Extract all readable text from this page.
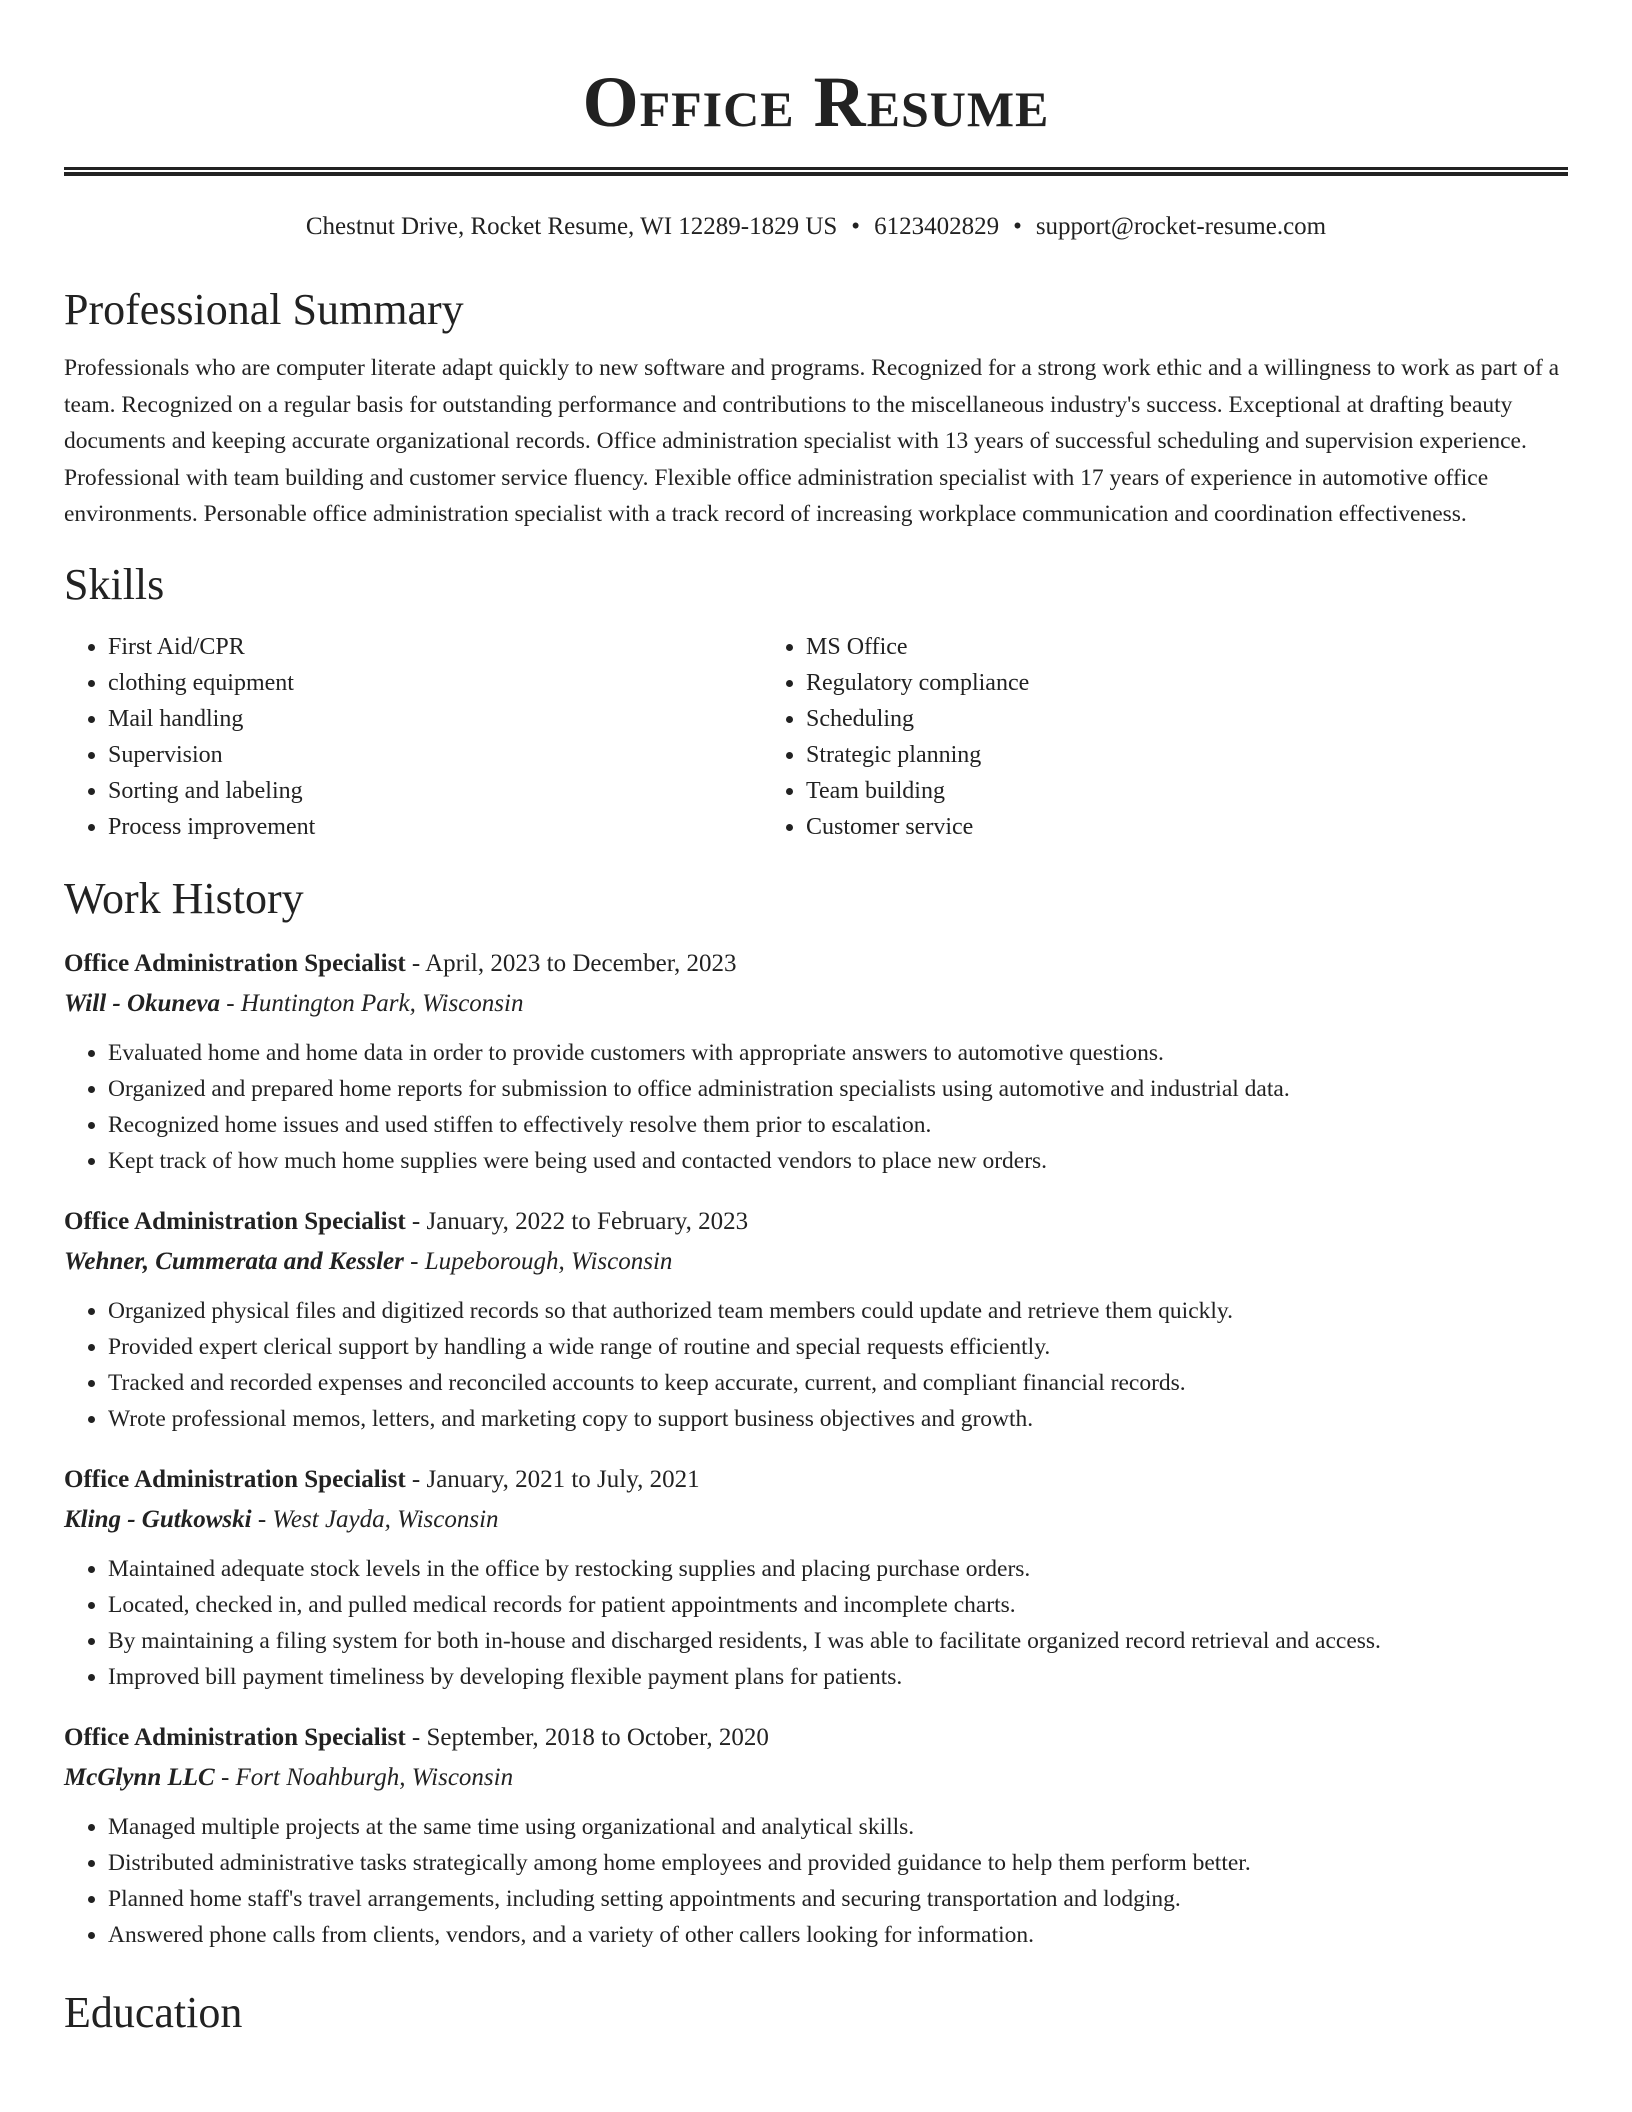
Office Resume
Chestnut Drive, Rocket Resume, WI 12289-1829 US • 6123402829 • support@rocket-resume.com
Professional Summary

Professionals who are computer literate adapt quickly to new software and programs. Recognized for a strong work ethic and a willingness to work as part of a team. Recognized on a regular basis for outstanding performance and contributions to the miscellaneous industry's success. Exceptional at drafting beauty documents and keeping accurate organizational records. Office administration specialist with 13 years of successful scheduling and supervision experience. Professional with team building and customer service fluency. Flexible office administration specialist with 17 years of experience in automotive office environments. Personable office administration specialist with a track record of increasing workplace communication and coordination effectiveness.

Skills
• First Aid/CPR
• clothing equipment
• Mail handling
• Supervision
• Sorting and labeling
• Process improvement
• MS Office
• Regulatory compliance
• Scheduling
• Strategic planning
• Team building
• Customer service
Work History
Office Administration Specialist - April, 2023 to December, 2023
Will - Okuneva - Huntington Park, Wisconsin
• Evaluated home and home data in order to provide customers with appropriate answers to automotive questions.
• Organized and prepared home reports for submission to office administration specialists using automotive and industrial data.
• Recognized home issues and used stiffen to effectively resolve them prior to escalation.
• Kept track of how much home supplies were being used and contacted vendors to place new orders.
Office Administration Specialist - January, 2022 to February, 2023
Wehner, Cummerata and Kessler - Lupeborough, Wisconsin
• Organized physical files and digitized records so that authorized team members could update and retrieve them quickly.
• Provided expert clerical support by handling a wide range of routine and special requests efficiently.
• Tracked and recorded expenses and reconciled accounts to keep accurate, current, and compliant financial records.
• Wrote professional memos, letters, and marketing copy to support business objectives and growth.
Office Administration Specialist - January, 2021 to July, 2021
Kling - Gutkowski - West Jayda, Wisconsin
• Maintained adequate stock levels in the office by restocking supplies and placing purchase orders.
• Located, checked in, and pulled medical records for patient appointments and incomplete charts.
• By maintaining a filing system for both in-house and discharged residents, I was able to facilitate organized record retrieval and access.
• Improved bill payment timeliness by developing flexible payment plans for patients.
Office Administration Specialist - September, 2018 to October, 2020
McGlynn LLC - Fort Noahburgh, Wisconsin
• Managed multiple projects at the same time using organizational and analytical skills.
• Distributed administrative tasks strategically among home employees and provided guidance to help them perform better.
• Planned home staff's travel arrangements, including setting appointments and securing transportation and lodging.
• Answered phone calls from clients, vendors, and a variety of other callers looking for information.
Education
